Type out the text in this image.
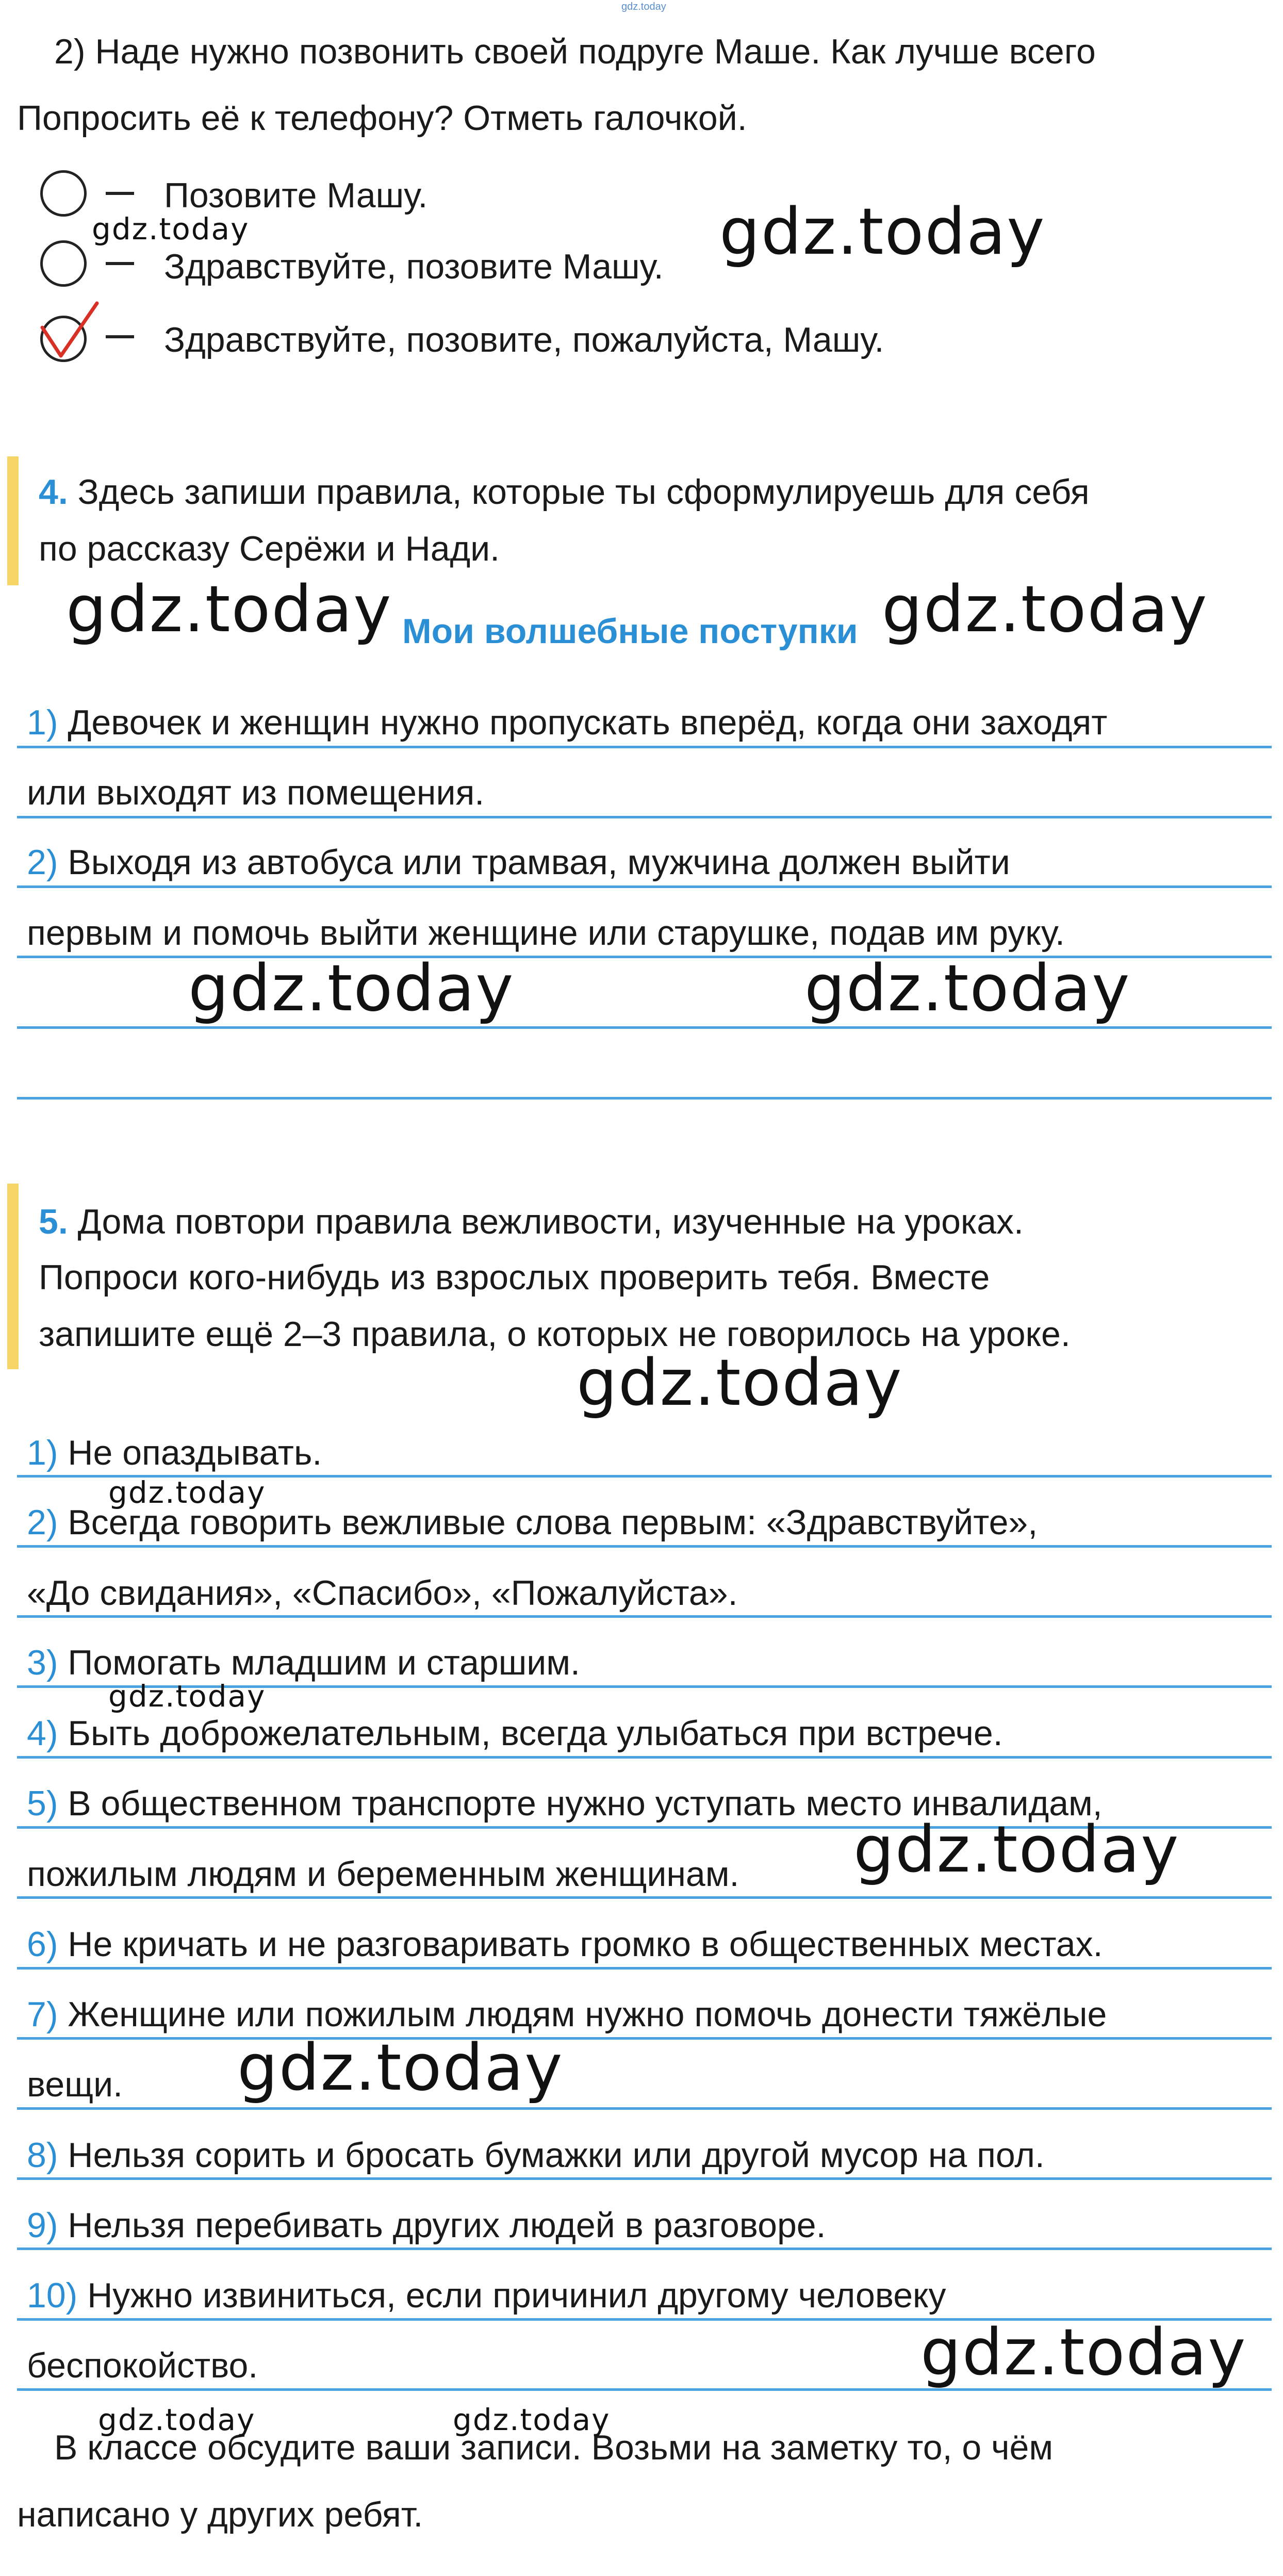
gdz.today
2) Наде нужно позвонить своей подруге Маше. Как лучше всего
Попросить её к телефону? Отметь галочкой.
Позовите Машу.
Здравствуйте, позовите Машу.
Здравствуйте, позовите, пожалуйста, Машу.
4. Здесь запиши правила, которые ты сформулируешь для себя
по рассказу Серёжи и Нади.
Мои волшебные поступки
1) Девочек и женщин нужно пропускать вперёд, когда они заходят
или выходят из помещения.
2) Выходя из автобуса или трамвая, мужчина должен выйти
первым и помочь выйти женщине или старушке, подав им руку.
5. Дома повтори правила вежливости, изученные на уроках.
Попроси кого-нибудь из взрослых проверить тебя. Вместе
запишите ещё 2–3 правила, о которых не говорилось на уроке.
1) Не опаздывать.
2) Всегда говорить вежливые слова первым: «Здравствуйте»,
«До свидания», «Спасибо», «Пожалуйста».
3) Помогать младшим и старшим.
4) Быть доброжелательным, всегда улыбаться при встрече.
5) В общественном транспорте нужно уступать место инвалидам,
пожилым людям и беременным женщинам.
6) Не кричать и не разговаривать громко в общественных местах.
7) Женщине или пожилым людям нужно помочь донести тяжёлые
вещи.
8) Нельзя сорить и бросать бумажки или другой мусор на пол.
9) Нельзя перебивать других людей в разговоре.
10) Нужно извиниться, если причинил другому человеку
беспокойство.
В классе обсудите ваши записи. Возьми на заметку то, о чём
написано у других ребят.
gdz.today
gdz.today
gdz.today	gdz.today
gdz.today	gdz.today
gdz.today
gdz.today
gdz.today
gdz.today
gdz.today
gdz.today
gdz.today	gdz.today
